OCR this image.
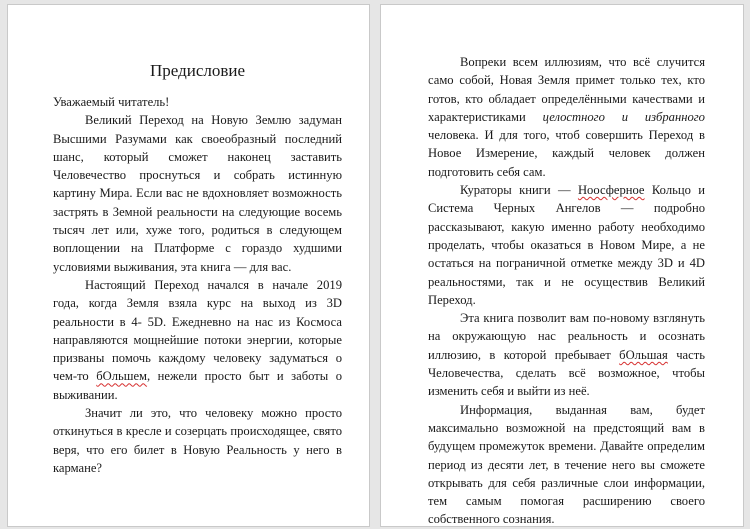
Предисловие
Уважаемый читатель!

Великий Переход на Новую Землю задуман Высшими Разумами как своеобразный последний шанс, который сможет наконец заставить Человечество проснуться и собрать истинную картину Мира. Если вас не вдохновляет возможность застрять в Земной реальности на следующие восемь тысяч лет или, хуже того, родиться в следующем воплощении на Платформе с гораздо худшими условиями выживания, эта книга — для вас.

Настоящий Переход начался в начале 2019 года, когда Земля взяла курс на выход из 3D реальности в 4- 5D. Ежедневно на нас из Космоса направляются мощнейшие потоки энергии, которые призваны помочь каждому человеку задуматься о чем-то бОльшем, нежели просто быт и заботы о выживании.

Значит ли это, что человеку можно просто откинуться в кресле и созерцать происходящее, свято веря, что его билет в Новую Реальность у него в кармане?

Вопреки всем иллюзиям, что всё случится само собой, Новая Земля примет только тех, кто готов, кто обладает определёнными качествами и характеристиками целостного и избранного человека. И для того, чтоб совершить Переход в Новое Измерение, каждый человек должен подготовить себя сам.

Кураторы книги — Ноосферное Кольцо и Система Черных Ангелов — подробно рассказывают, какую именно работу необходимо проделать, чтобы оказаться в Новом Мире, а не остаться на пограничной отметке между 3D и 4D реальностями, так и не осуществив Великий Переход.

Эта книга позволит вам по-новому взглянуть на окружающую нас реальность и осознать иллюзию, в которой пребывает бОльшая часть Человечества, сделать всё возможное, чтобы изменить себя и выйти из неё.

Информация, выданная вам, будет максимально возможной на предстоящий вам в будущем промежуток времени. Давайте определим период из десяти лет, в течение него вы сможете открывать для себя различные слои информации, тем самым помогая расширению своего собственного сознания.
